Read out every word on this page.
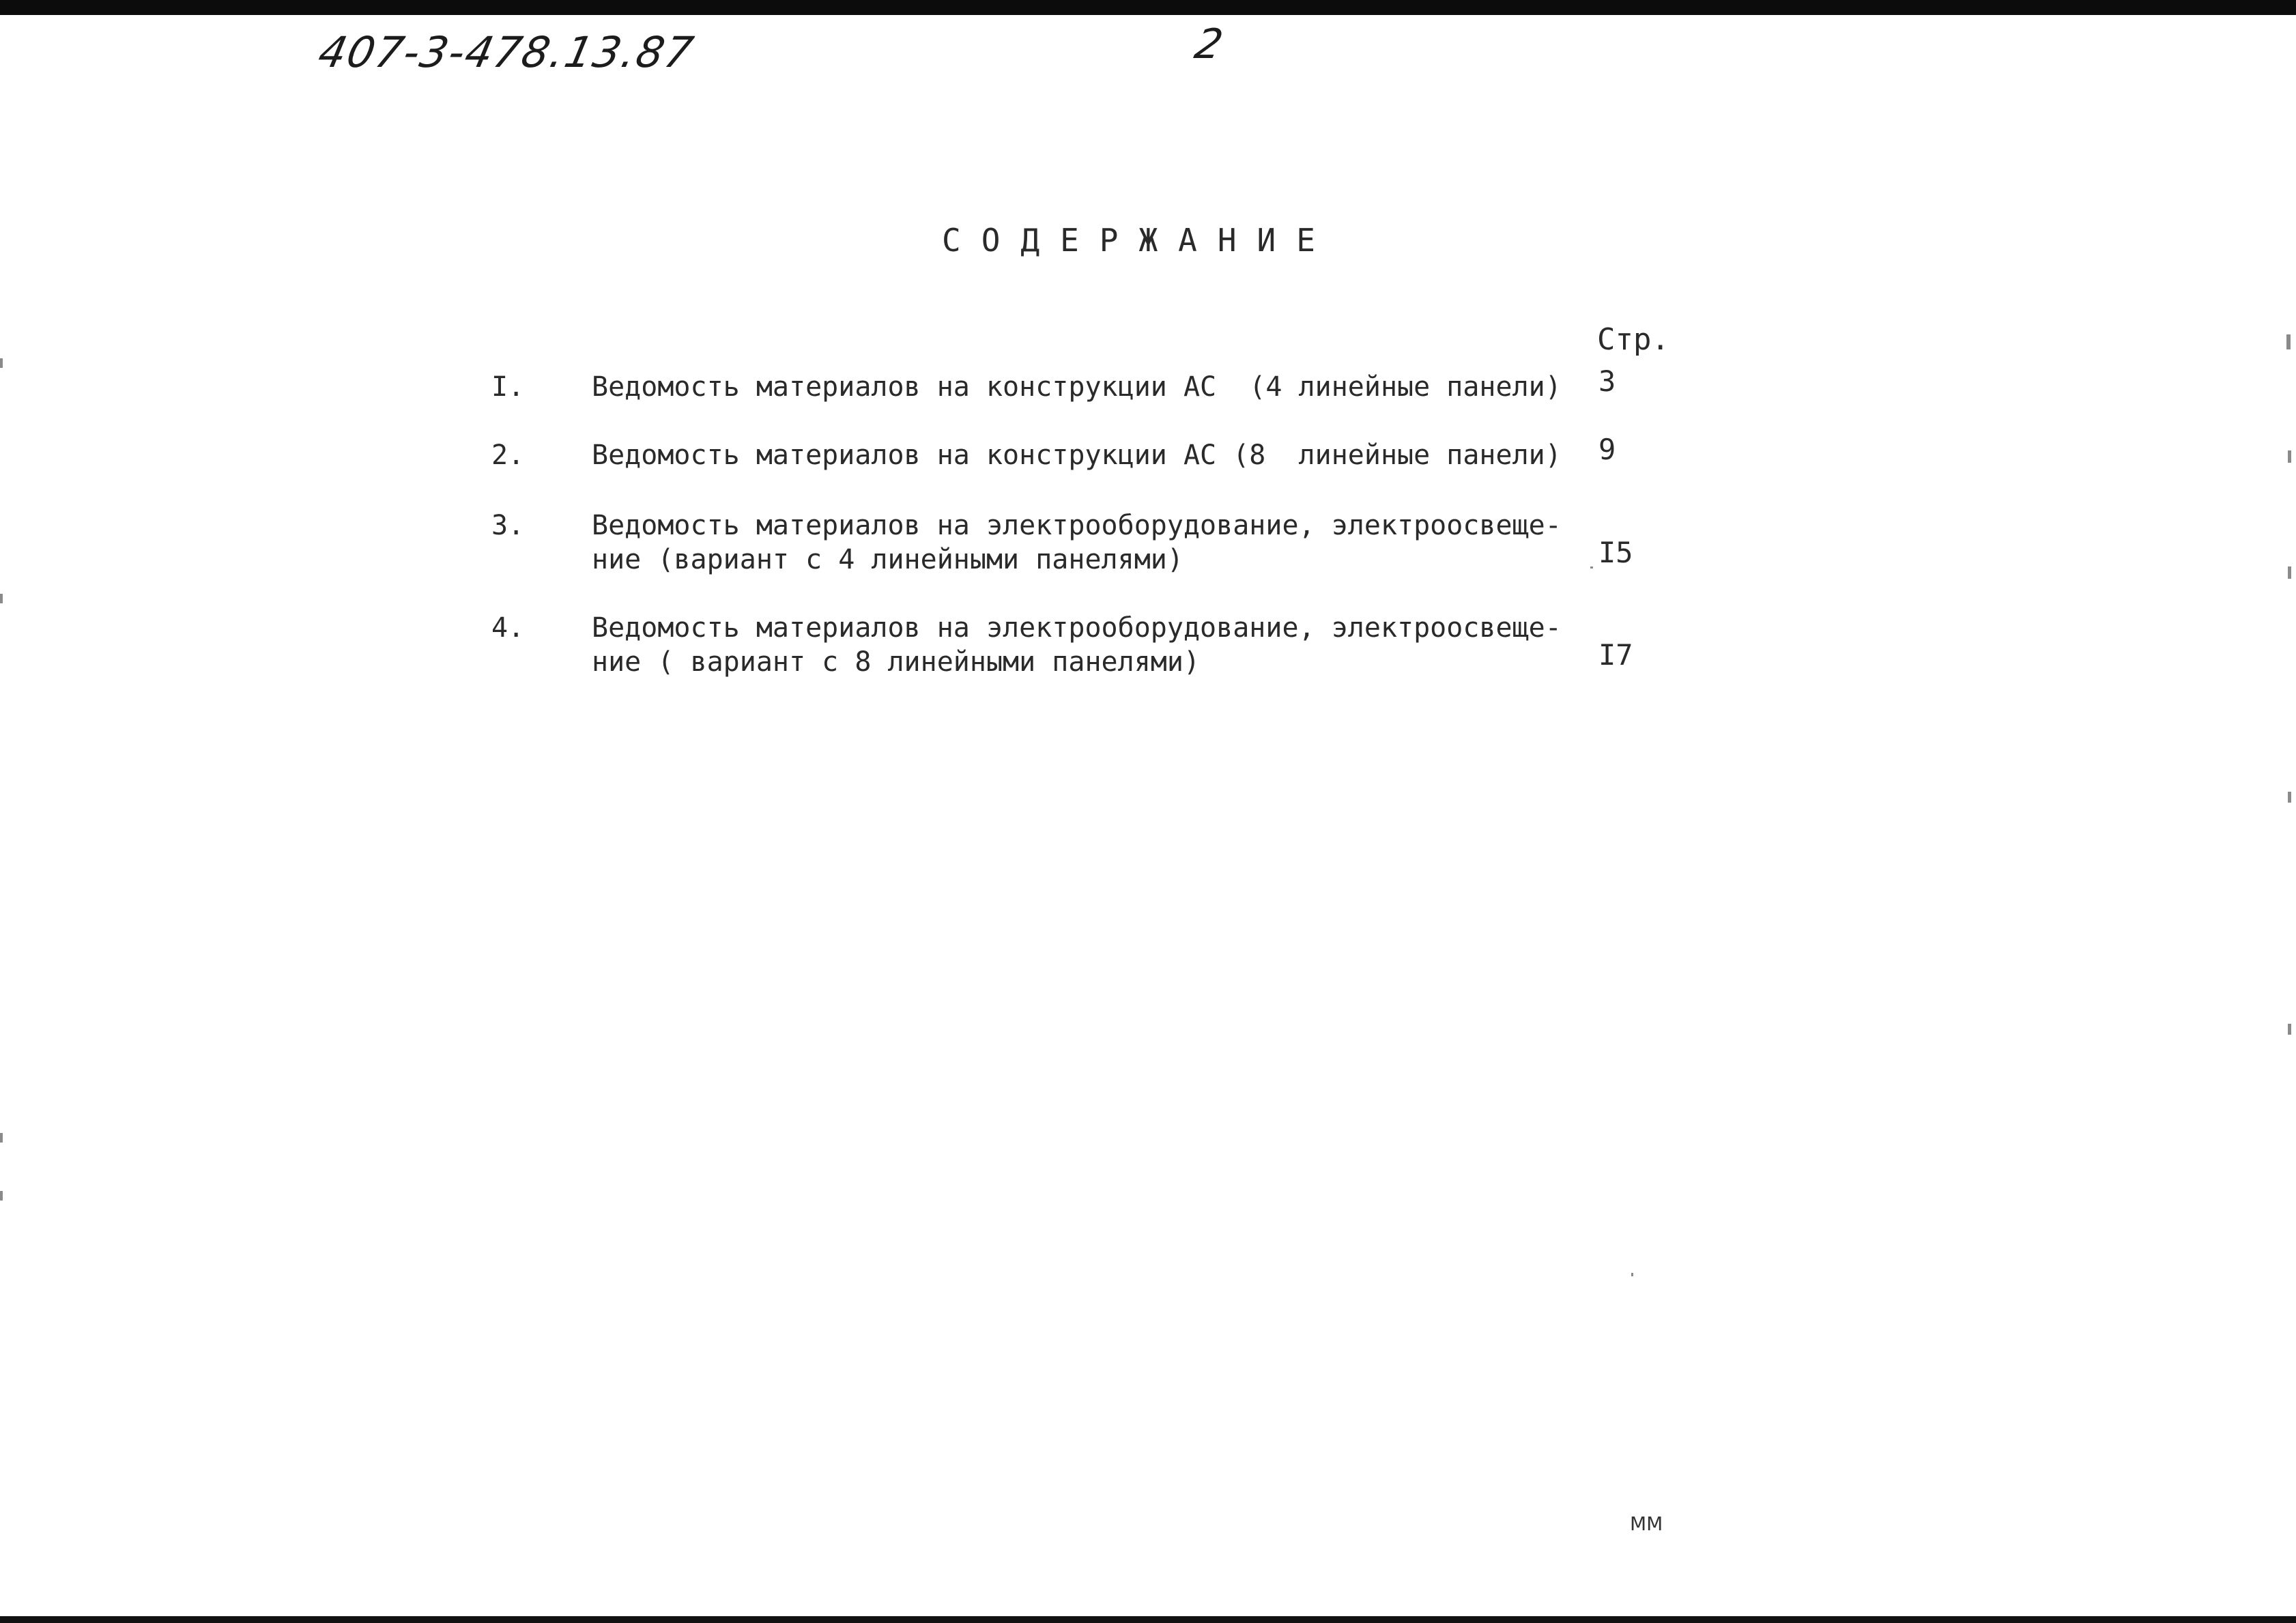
407-3-478.13.87	2
СОДЕРЖАНИЕ
Стр.
I. Ведомость материалов на конструкции АС  (4 линейные панели) 3
2. Ведомость материалов на конструкции АС (8  линейные панели) 9
3. Ведомость материалов на электрооборудование, электроосвеще-
ние (вариант с 4 линейными панелями)	I5
4. Ведомость материалов на электрооборудование, электроосвеще-
ние ( вариант с 8 линейными панелями)	I7
ММ
